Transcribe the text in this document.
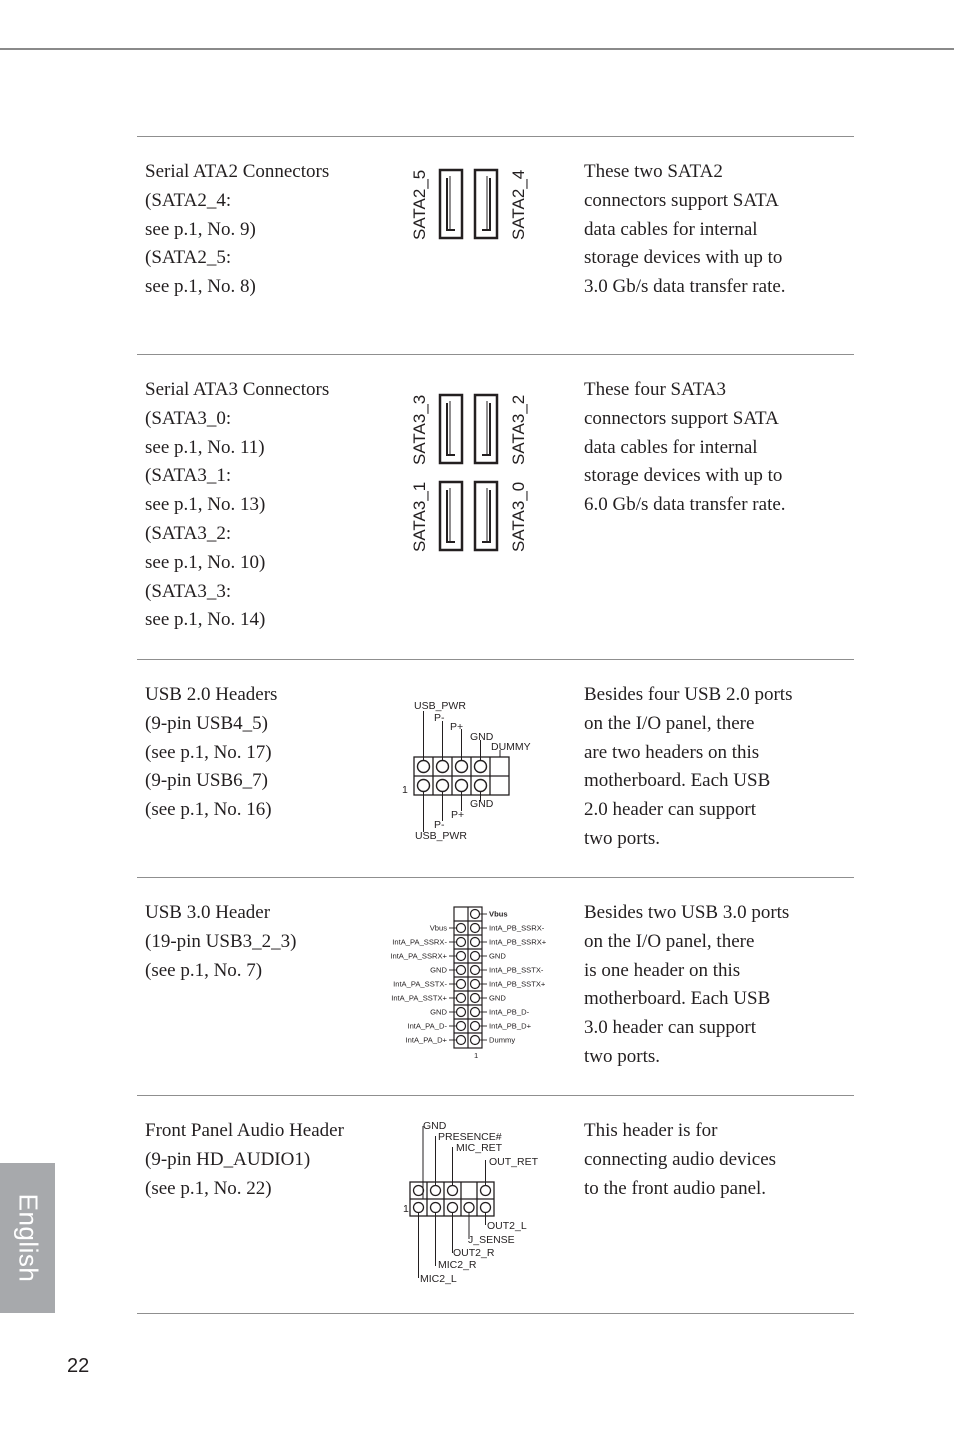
Serial ATA2 Connectors
(SATA2_4:
see p.1, No. 9)
(SATA2_5:
see p.1, No. 8)
SATA2_5	SATA2_4	These two SATA2
connectors support SATA
data cables for internal
storage devices with up to
3.0 Gb/s data transfer rate.
Serial ATA3 Connectors
(SATA3_0:
see p.1, No. 11)
(SATA3_1:
see p.1, No. 13)
(SATA3_2:
see p.1, No. 10)
(SATA3_3:
see p.1, No. 14)
SATA3_3	SATA3_2
SATA3_1	SATA3_0
These four SATA3
connectors support SATA
data cables for internal
storage devices with up to
6.0 Gb/s data transfer rate.
USB 2.0 Headers
(9-pin USB4_5)
(see p.1, No. 17)
(9-pin USB6_7)
(see p.1, No. 16)
USB_PWR
P-
P+
GND
DUMMY
1
GND
P+
P-
USB_PWR
Besides four USB 2.0 ports
on the I/O panel, there
are two headers on this
motherboard. Each USB
2.0 header can support
two ports.
USB 3.0 Header
(19-pin USB3_2_3)
(see p.1, No. 7)
Vbus
IntA_PA_SSRX-
IntA_PA_SSRX+
GND
IntA_PA_SSTX-
IntA_PA_SSTX+
GND
IntA_PA_D-
IntA_PA_D+
Vbus
IntA_PB_SSRX-
IntA_PB_SSRX+
GND
IntA_PB_SSTX-
IntA_PB_SSTX+
GND
IntA_PB_D-
IntA_PB_D+
Dummy
1
Besides two USB 3.0 ports
on the I/O panel, there
is one header on this
motherboard. Each USB
3.0 header can support
two ports.
Front Panel Audio Header
(9-pin HD_AUDIO1)
(see p.1, No. 22)
GND
PRESENCE#
MIC_RET
OUT_RET
1
OUT2_L
J_SENSE
OUT2_R
MIC2_R
MIC2_L
This header is for
connecting audio devices
to the front audio panel.
English
22
